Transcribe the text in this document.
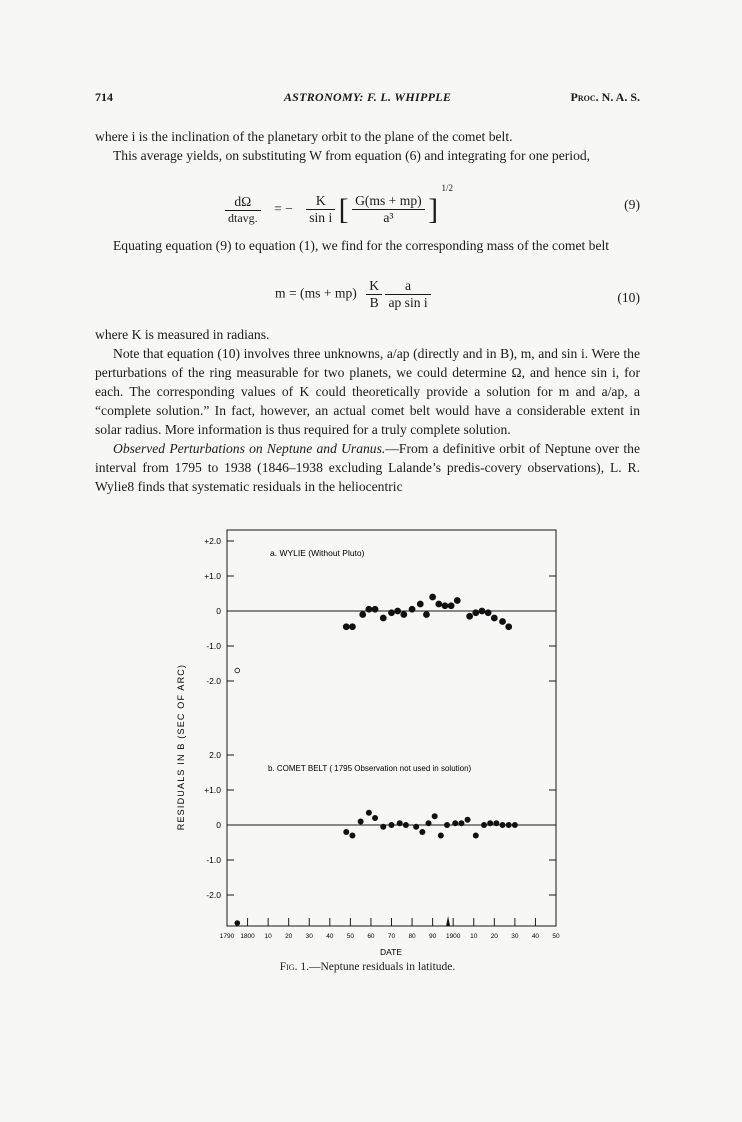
714	ASTRONOMY: F. L. WHIPPLE	Proc. N. A. S.

where i is the inclination of the planetary orbit to the plane of the comet belt.

This average yields, on substituting W from equation (6) and integrating for one period,

$\frac{d\Omega}{\text{dtavg.}}$ = − $\frac{K}{\text{sin i}}$ [ $\frac{G(ms + mp)}{\text{a³}}$ ] $^{1/2}$
(9)

Equating equation (9) to equation (1), we find for the corresponding mass of the comet belt

$m = (ms + mp) \frac{K}{B}$
$\frac{a}{\text{ap sin i}}$	(10)

where K is measured in radians.

Note that equation (10) involves three unknowns, a/ap (directly and in B), m, and sin i. Were the perturbations of the ring measurable for two planets, we could determine Ω, and hence sin i, for each. The corresponding values of K could theoretically provide a solution for m and a/ap, a “complete solution.” In fact, however, an actual comet belt would have a considerable extent in solar radius. More information is thus required for a truly complete solution.

Observed Perturbations on Neptune and Uranus.—From a definitive orbit of Neptune over the interval from 1795 to 1938 (1846–1938 excluding Lalande’s predis-covery observations), L. R. Wylie8 finds that systematic residuals in the heliocentric

RESIDUALS IN B (SEC OF ARC)
a. WYLIE (Without Pluto)
b. COMET BELT ( 1795 Observation not used in solution)
DATE
+2.0
+1.0
0
-1.0
-2.0
2.0
+1.0
0
-1.0
-2.0
1790 1800 10 20 30 40 50 60 70 80 90 1900 10 20 30 40 50
Fig. 1.—Neptune residuals in latitude.
